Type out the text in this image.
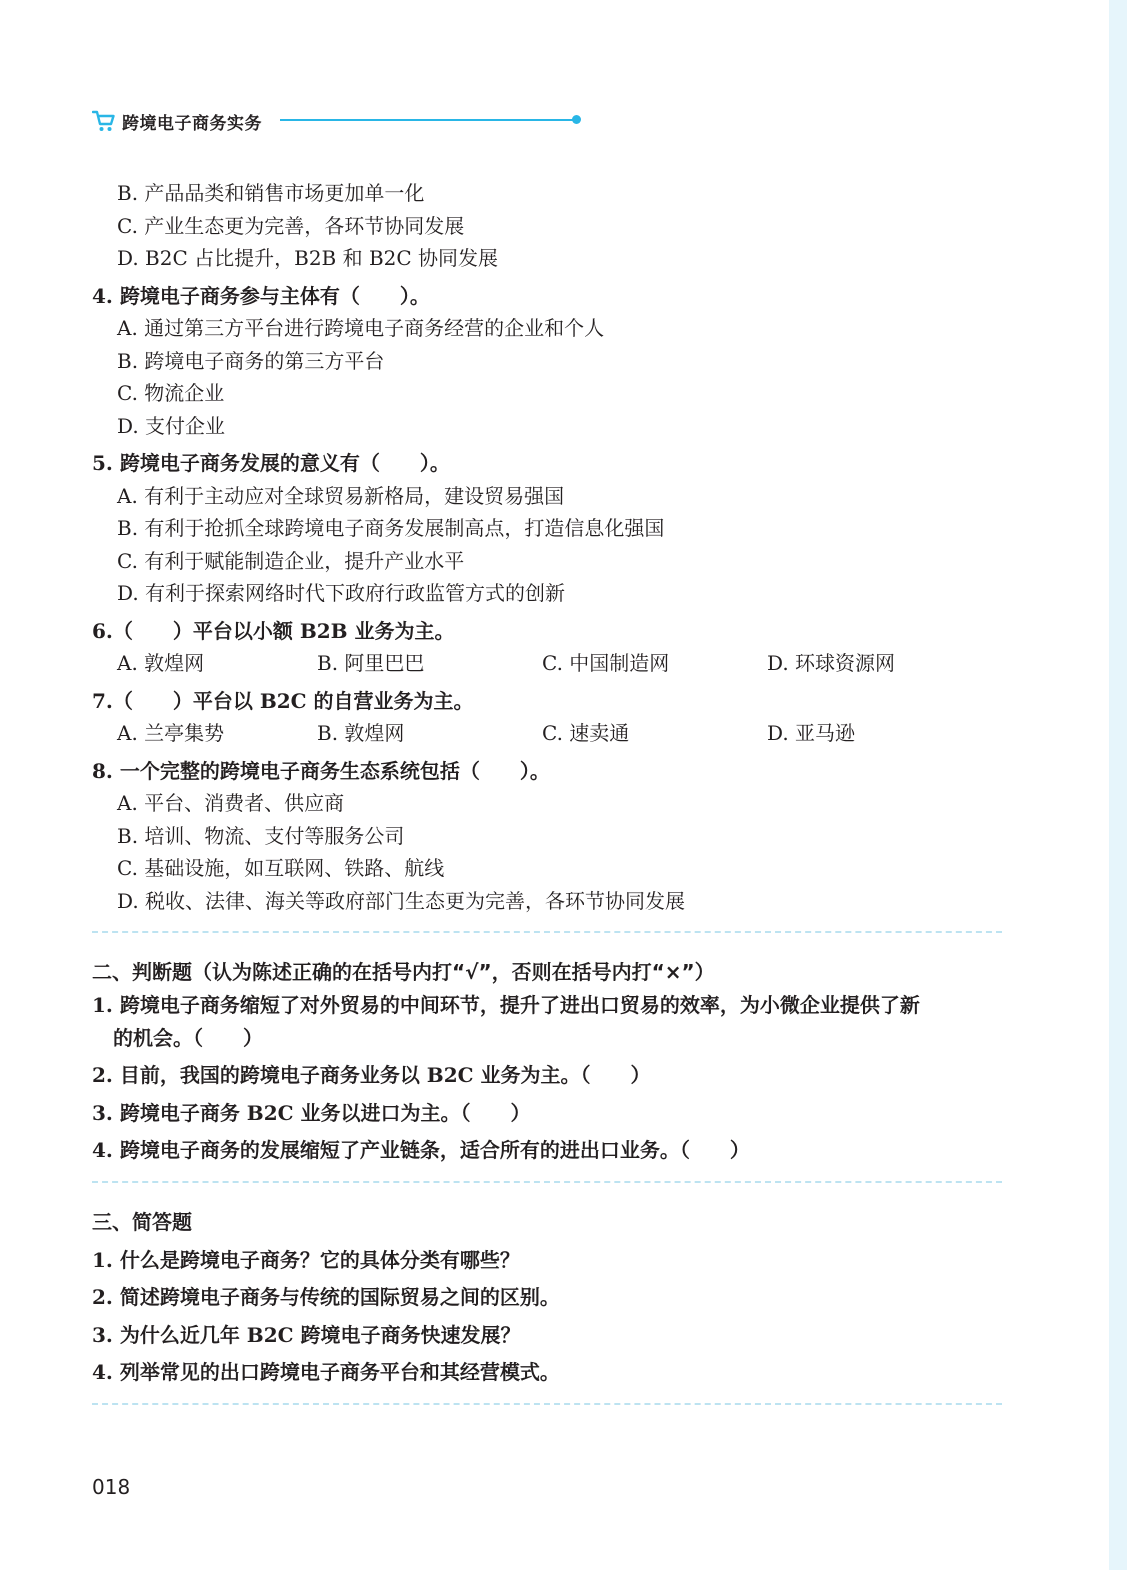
跨境电子商务实务
B. 产品品类和销售市场更加单一化
C. 产业生态更为完善，各环节协同发展
D. B2C 占比提升，B2B 和 B2C 协同发展
4. 跨境电子商务参与主体有（　　）。
A. 通过第三方平台进行跨境电子商务经营的企业和个人
B. 跨境电子商务的第三方平台
C. 物流企业
D. 支付企业
5. 跨境电子商务发展的意义有（　　）。
A. 有利于主动应对全球贸易新格局，建设贸易强国
B. 有利于抢抓全球跨境电子商务发展制高点，打造信息化强国
C. 有利于赋能制造企业，提升产业水平
D. 有利于探索网络时代下政府行政监管方式的创新
6.（　　）平台以小额 B2B 业务为主。
A. 敦煌网	B. 阿里巴巴	C. 中国制造网	D. 环球资源网
7.（　　）平台以 B2C 的自营业务为主。
A. 兰亭集势	B. 敦煌网	C. 速卖通	D. 亚马逊
8. 一个完整的跨境电子商务生态系统包括（　　）。
A. 平台、消费者、供应商
B. 培训、物流、支付等服务公司
C. 基础设施，如互联网、铁路、航线
D. 税收、法律、海关等政府部门生态更为完善，各环节协同发展
二、判断题（认为陈述正确的在括号内打“√”，否则在括号内打“×”）
1. 跨境电子商务缩短了对外贸易的中间环节，提升了进出口贸易的效率，为小微企业提供了新
的机会。（　　）
2. 目前，我国的跨境电子商务业务以 B2C 业务为主。（　　）
3. 跨境电子商务 B2C 业务以进口为主。（　　）
4. 跨境电子商务的发展缩短了产业链条，适合所有的进出口业务。（　　）
三、简答题
1. 什么是跨境电子商务？它的具体分类有哪些？
2. 简述跨境电子商务与传统的国际贸易之间的区别。
3. 为什么近几年 B2C 跨境电子商务快速发展？
4. 列举常见的出口跨境电子商务平台和其经营模式。
018
